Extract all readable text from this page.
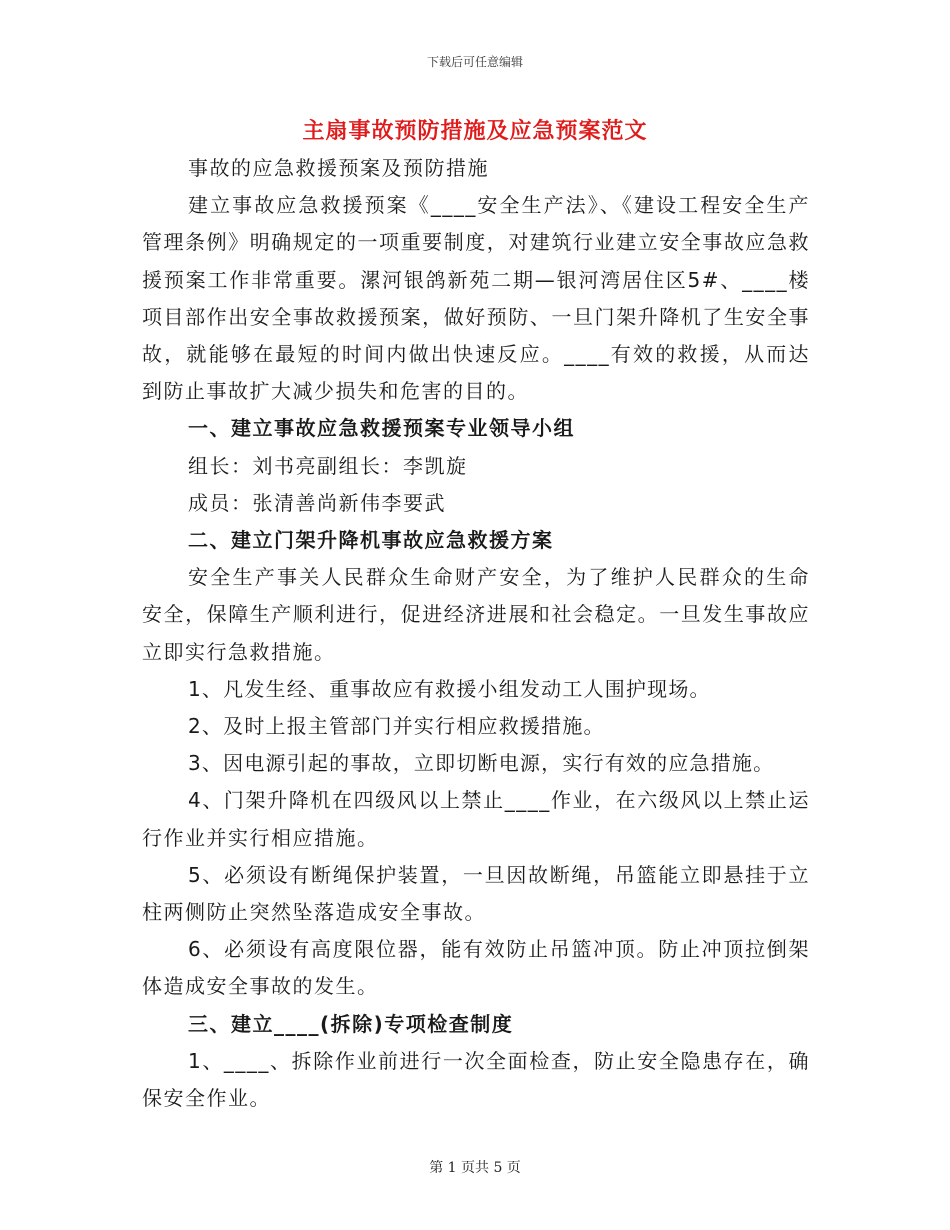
下载后可任意编辑
主扇事故预防措施及应急预案范文

事故的应急救援预案及预防措施

建立事故应急救援预案《____安全生产法》、《建设工程安全生产管理条例》明确规定的一项重要制度，对建筑行业建立安全事故应急救援预案工作非常重要。漯河银鸽新苑二期—银河湾居住区5#、____楼项目部作出安全事故救援预案，做好预防、一旦门架升降机了生安全事故，就能够在最短的时间内做出快速反应。____有效的救援，从而达到防止事故扩大减少损失和危害的目的。

一、建立事故应急救援预案专业领导小组

组长：刘书亮副组长：李凯旋

成员：张清善尚新伟李要武

二、建立门架升降机事故应急救援方案

安全生产事关人民群众生命财产安全，为了维护人民群众的生命安全，保障生产顺利进行，促进经济进展和社会稳定。一旦发生事故应立即实行急救措施。

1、凡发生经、重事故应有救援小组发动工人围护现场。

2、及时上报主管部门并实行相应救援措施。

3、因电源引起的事故，立即切断电源，实行有效的应急措施。

4、门架升降机在四级风以上禁止____作业，在六级风以上禁止运行作业并实行相应措施。

5、必须设有断绳保护装置，一旦因故断绳，吊篮能立即悬挂于立柱两侧防止突然坠落造成安全事故。

6、必须设有高度限位器，能有效防止吊篮冲顶。防止冲顶拉倒架体造成安全事故的发生。

三、建立____(拆除)专项检查制度

1、____、拆除作业前进行一次全面检查，防止安全隐患存在，确保安全作业。

第 1 页共 5 页
